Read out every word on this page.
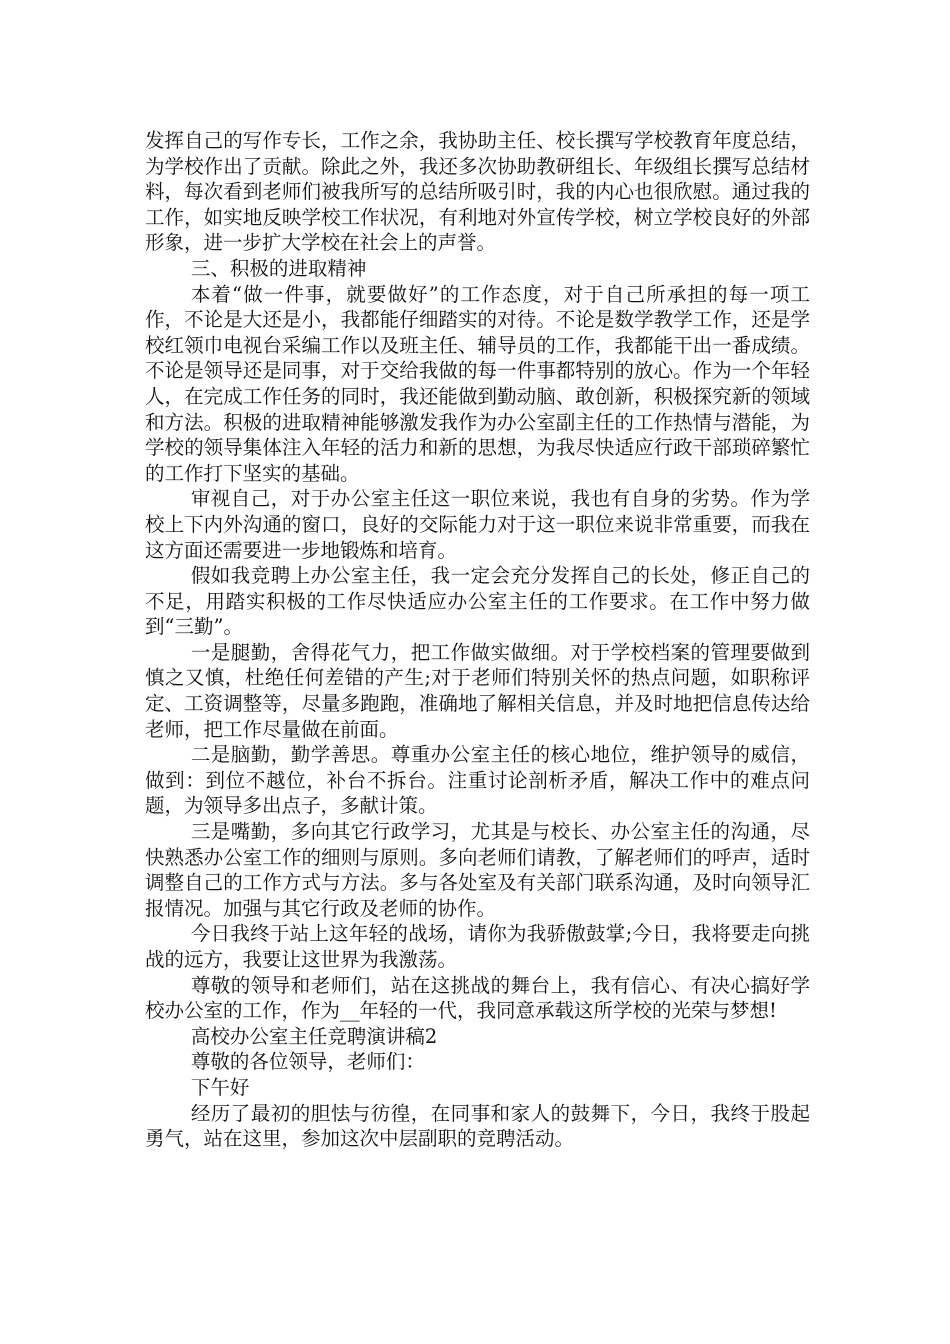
发挥自己的写作专长，工作之余，我协助主任、校长撰写学校教育年度总结，为学校作出了贡献。除此之外，我还多次协助教研组长、年级组长撰写总结材料，每次看到老师们被我所写的总结所吸引时，我的内心也很欣慰。通过我的工作，如实地反映学校工作状况，有利地对外宣传学校，树立学校良好的外部形象，进一步扩大学校在社会上的声誉。

三、积极的进取精神

本着“做一件事，就要做好”的工作态度，对于自己所承担的每一项工作，不论是大还是小，我都能仔细踏实的对待。不论是数学教学工作，还是学校红领巾电视台采编工作以及班主任、辅导员的工作，我都能干出一番成绩。不论是领导还是同事，对于交给我做的每一件事都特别的放心。作为一个年轻人，在完成工作任务的同时，我还能做到勤动脑、敢创新，积极探究新的领域和方法。积极的进取精神能够激发我作为办公室副主任的工作热情与潜能，为学校的领导集体注入年轻的活力和新的思想，为我尽快适应行政干部琐碎繁忙的工作打下坚实的基础。

审视自己，对于办公室主任这一职位来说，我也有自身的劣势。作为学校上下内外沟通的窗口，良好的交际能力对于这一职位来说非常重要，而我在这方面还需要进一步地锻炼和培育。

假如我竞聘上办公室主任，我一定会充分发挥自己的长处，修正自己的不足，用踏实积极的工作尽快适应办公室主任的工作要求。在工作中努力做到“三勤”。

一是腿勤，舍得花气力，把工作做实做细。对于学校档案的管理要做到慎之又慎，杜绝任何差错的产生;对于老师们特别关怀的热点问题，如职称评定、工资调整等，尽量多跑跑，准确地了解相关信息，并及时地把信息传达给老师，把工作尽量做在前面。

二是脑勤，勤学善思。尊重办公室主任的核心地位，维护领导的威信，做到：到位不越位，补台不拆台。注重讨论剖析矛盾，解决工作中的难点问题，为领导多出点子，多献计策。

三是嘴勤，多向其它行政学习，尤其是与校长、办公室主任的沟通，尽快熟悉办公室工作的细则与原则。多向老师们请教，了解老师们的呼声，适时调整自己的工作方式与方法。多与各处室及有关部门联系沟通，及时向领导汇报情况。加强与其它行政及老师的协作。

今日我终于站上这年轻的战场，请你为我骄傲鼓掌;今日，我将要走向挑战的远方，我要让这世界为我激荡。

尊敬的领导和老师们，站在这挑战的舞台上，我有信心、有决心搞好学校办公室的工作，作为__年轻的一代，我同意承载这所学校的光荣与梦想!

高校办公室主任竞聘演讲稿2

尊敬的各位领导，老师们：

下午好

经历了最初的胆怯与彷徨，在同事和家人的鼓舞下，今日，我终于股起勇气，站在这里，参加这次中层副职的竞聘活动。
